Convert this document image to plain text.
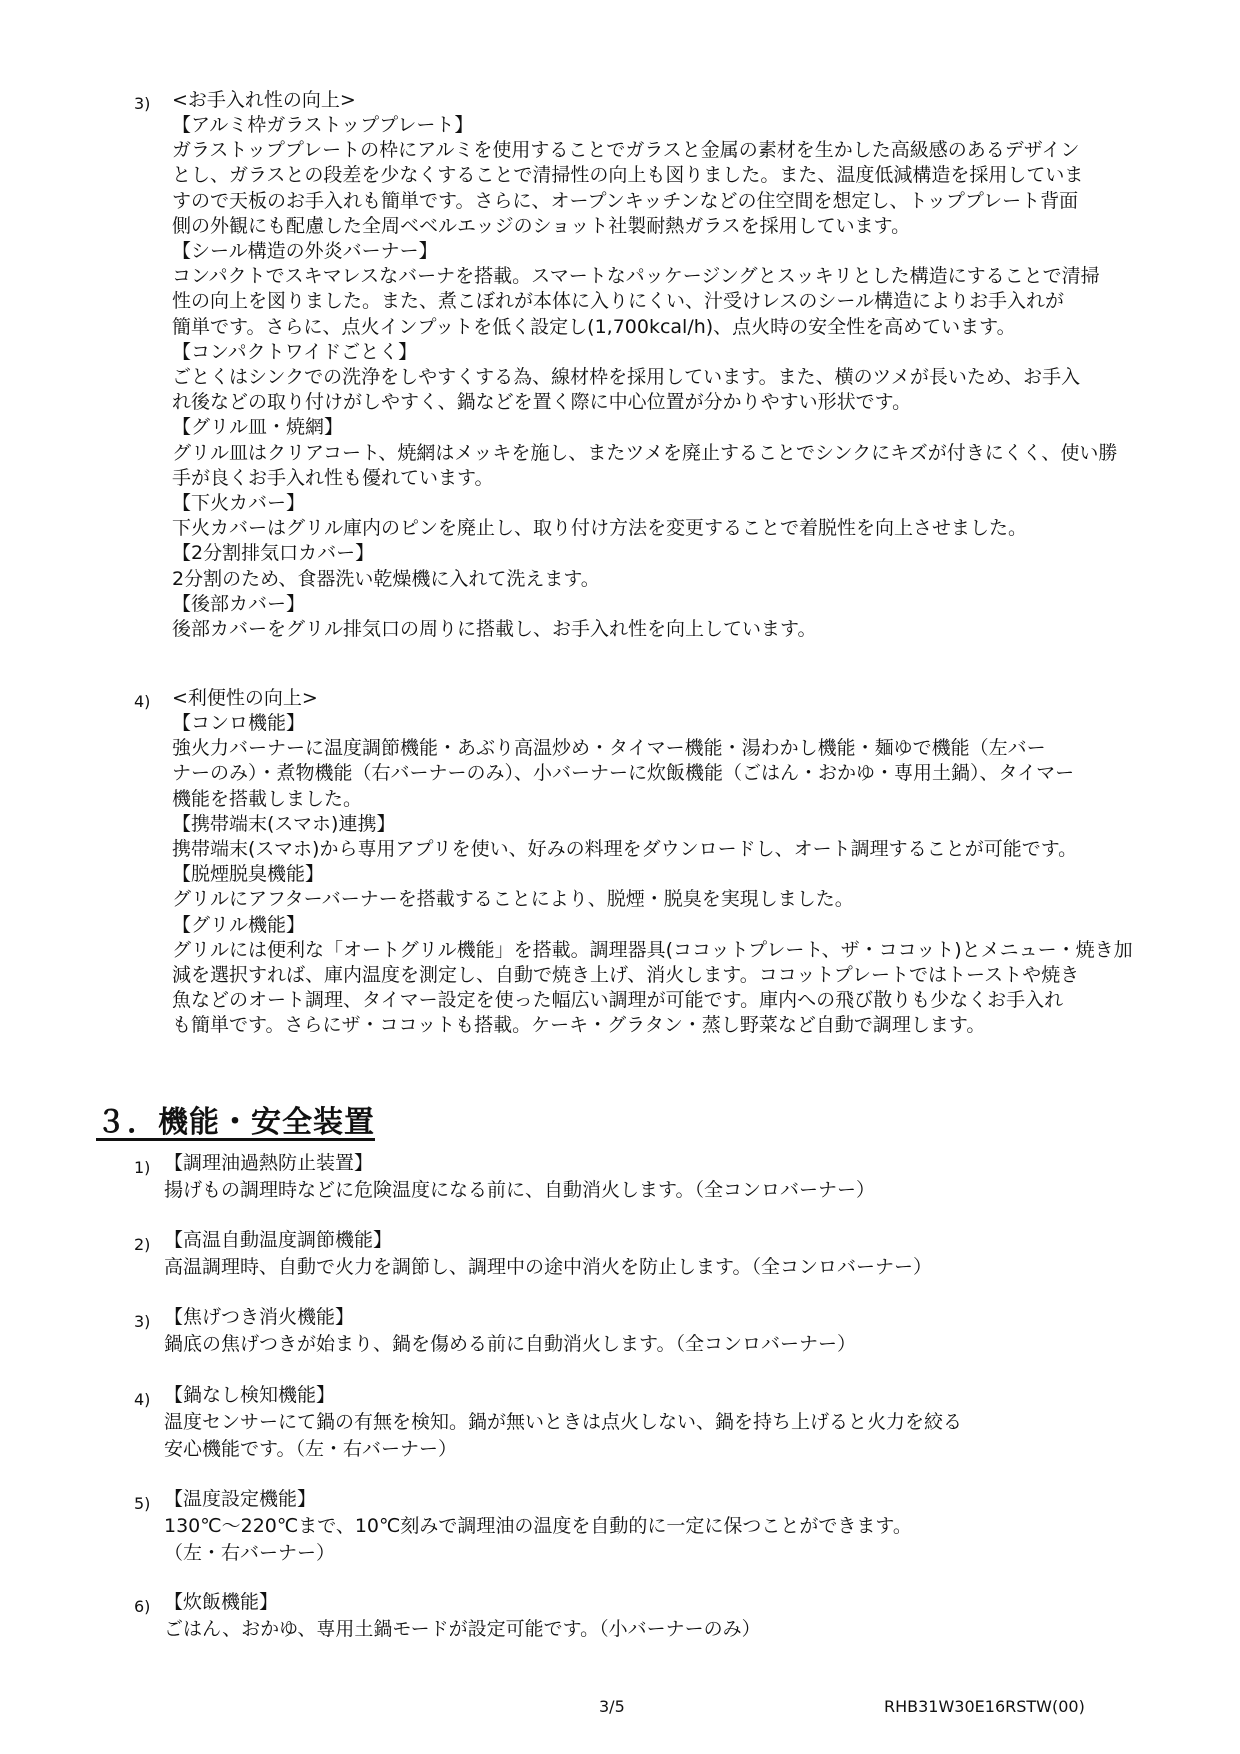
3) <お手入れ性の向上>
【アルミ枠ガラストッププレート】
ガラストッププレートの枠にアルミを使用することでガラスと金属の素材を生かした高級感のあるデザイン
とし、ガラスとの段差を少なくすることで清掃性の向上も図りました。また、温度低減構造を採用していま
すので天板のお手入れも簡単です。さらに、オープンキッチンなどの住空間を想定し、トッププレート背面
側の外観にも配慮した全周ベベルエッジのショット社製耐熱ガラスを採用しています。
【シール構造の外炎バーナー】
コンパクトでスキマレスなバーナを搭載。スマートなパッケージングとスッキリとした構造にすることで清掃
性の向上を図りました。また、煮こぼれが本体に入りにくい、汁受けレスのシール構造によりお手入れが
簡単です。さらに、点火インプットを低く設定し(1,700kcal/h)、点火時の安全性を高めています。
【コンパクトワイドごとく】
ごとくはシンクでの洗浄をしやすくする為、線材枠を採用しています。また、横のツメが長いため、お手入
れ後などの取り付けがしやすく、鍋などを置く際に中心位置が分かりやすい形状です。
【グリル皿・焼網】
グリル皿はクリアコート、焼網はメッキを施し、またツメを廃止することでシンクにキズが付きにくく、使い勝
手が良くお手入れ性も優れています。
【下火カバー】
下火カバーはグリル庫内のピンを廃止し、取り付け方法を変更することで着脱性を向上させました。
【2分割排気口カバー】
2分割のため、食器洗い乾燥機に入れて洗えます。
【後部カバー】
後部カバーをグリル排気口の周りに搭載し、お手入れ性を向上しています。
4) <利便性の向上>
【コンロ機能】
強火力バーナーに温度調節機能・あぶり高温炒め・タイマー機能・湯わかし機能・麺ゆで機能（左バー
ナーのみ）・煮物機能（右バーナーのみ）、小バーナーに炊飯機能（ごはん・おかゆ・専用土鍋）、タイマー
機能を搭載しました。
【携帯端末(スマホ)連携】
携帯端末(スマホ)から専用アプリを使い、好みの料理をダウンロードし、オート調理することが可能です。
【脱煙脱臭機能】
グリルにアフターバーナーを搭載することにより、脱煙・脱臭を実現しました。
【グリル機能】
グリルには便利な「オートグリル機能」を搭載。調理器具(ココットプレート、ザ・ココット)とメニュー・焼き加
減を選択すれば、庫内温度を測定し、自動で焼き上げ、消火します。ココットプレートではトーストや焼き
魚などのオート調理、タイマー設定を使った幅広い調理が可能です。庫内への飛び散りも少なくお手入れ
も簡単です。さらにザ・ココットも搭載。ケーキ・グラタン・蒸し野菜など自動で調理します。
３．機能・安全装置
1) 【調理油過熱防止装置】
揚げもの調理時などに危険温度になる前に、自動消火します。（全コンロバーナー）
2) 【高温自動温度調節機能】
高温調理時、自動で火力を調節し、調理中の途中消火を防止します。（全コンロバーナー）
3) 【焦げつき消火機能】
鍋底の焦げつきが始まり、鍋を傷める前に自動消火します。（全コンロバーナー）
4) 【鍋なし検知機能】
温度センサーにて鍋の有無を検知。鍋が無いときは点火しない、鍋を持ち上げると火力を絞る
安心機能です。（左・右バーナー）
5) 【温度設定機能】
130℃～220℃まで、10℃刻みで調理油の温度を自動的に一定に保つことができます。
（左・右バーナー）
6) 【炊飯機能】
ごはん、おかゆ、専用土鍋モードが設定可能です。（小バーナーのみ）
3/5	RHB31W30E16RSTW(00)
